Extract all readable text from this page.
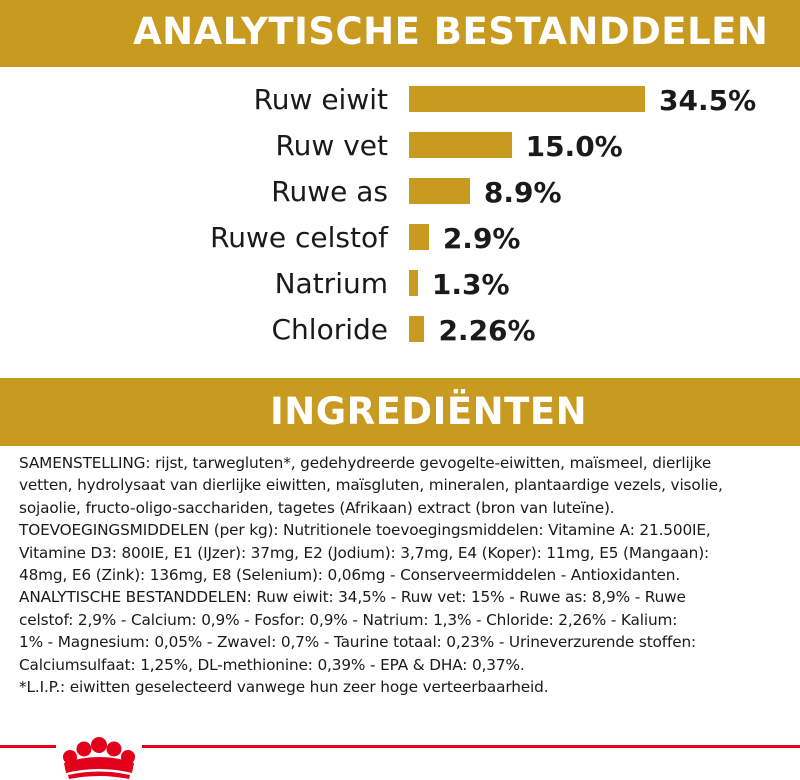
ANALYTISCHE BESTANDDELEN
Ruw eiwit	34.5%
Ruw vet	15.0%
Ruwe as	8.9%
Ruwe celstof 2.9%
Natrium 1.3%
Chloride 2.26%
INGREDIËNTEN

SAMENSTELLING: rijst, tarwegluten*, gedehydreerde gevogelte-eiwitten, maïsmeel, dierlijke

vetten, hydrolysaat van dierlijke eiwitten, maïsgluten, mineralen, plantaardige vezels, visolie,

sojaolie, fructo-oligo-sacchariden, tagetes (Afrikaan) extract (bron van luteïne).

TOEVOEGINGSMIDDELEN (per kg): Nutritionele toevoegingsmiddelen: Vitamine A: 21.500IE,

Vitamine D3: 800IE, E1 (IJzer): 37mg, E2 (Jodium): 3,7mg, E4 (Koper): 11mg, E5 (Mangaan):

48mg, E6 (Zink): 136mg, E8 (Selenium): 0,06mg - Conserveermiddelen - Antioxidanten.

ANALYTISCHE BESTANDDELEN: Ruw eiwit: 34,5% - Ruw vet: 15% - Ruwe as: 8,9% - Ruwe

celstof: 2,9% - Calcium: 0,9% - Fosfor: 0,9% - Natrium: 1,3% - Chloride: 2,26% - Kalium:

1% - Magnesium: 0,05% - Zwavel: 0,7% - Taurine totaal: 0,23% - Urineverzurende stoffen:

Calciumsulfaat: 1,25%, DL-methionine: 0,39% - EPA & DHA: 0,37%.

*L.I.P.: eiwitten geselecteerd vanwege hun zeer hoge verteerbaarheid.
